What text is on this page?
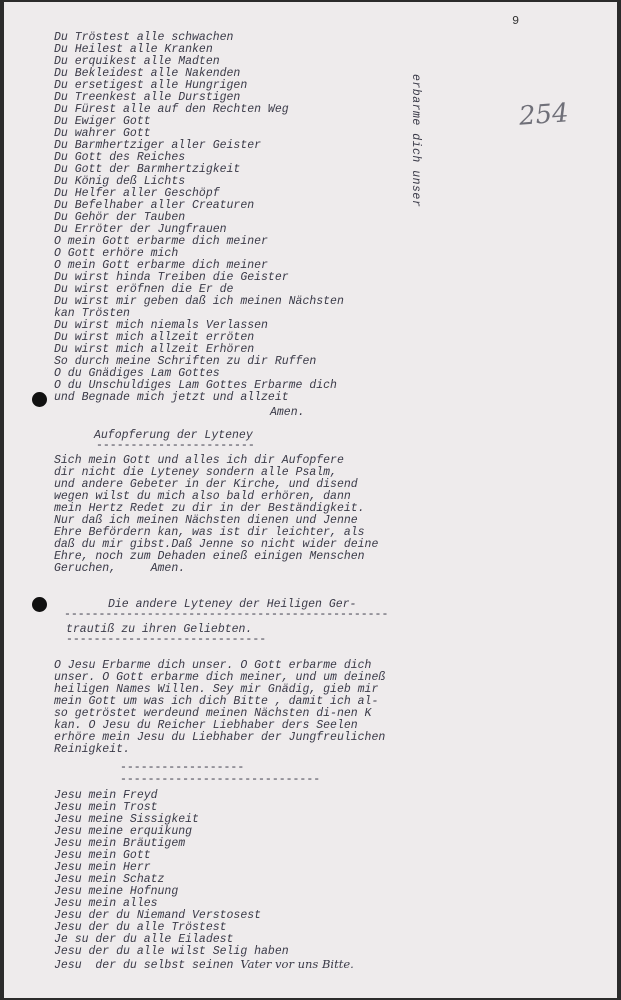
9
254
erbarme dich unser
Du Tröstest alle schwachen
Du Heilest alle Kranken
Du erquikest alle Madten
Du Bekleidest alle Nakenden
Du ersetigest alle Hungrigen
Du Treenkest alle Durstigen
Du Fürest alle auf den Rechten Weg
Du Ewiger Gott
Du wahrer Gott
Du Barmhertziger aller Geister
Du Gott des Reiches
Du Gott der Barmhertzigkeit
Du König deß Lichts
Du Helfer aller Geschöpf
Du Befelhaber aller Creaturen
Du Gehör der Tauben
Du Erröter der Jungfrauen
O mein Gott erbarme dich meiner
O Gott erhöre mich
O mein Gott erbarme dich meiner
Du wirst hinda Treiben die Geister
Du wirst eröfnen die Er de
Du wirst mir geben daß ich meinen Nächsten
kan Trösten
Du wirst mich niemals Verlassen
Du wirst mich allzeit erröten
Du wirst mich allzeit Erhören
So durch meine Schriften zu dir Ruffen
O du Gnädiges Lam Gottes
O du Unschuldiges Lam Gottes Erbarme dich
und Begnade mich jetzt und allzeit
Amen.
Aufopferung der Lyteney
-----------------------
Sich mein Gott und alles ich dir Aufopfere
dir nicht die Lyteney sondern alle Psalm,
und andere Gebeter in der Kirche, und disend
wegen wilst du mich also bald erhören, dann
mein Hertz Redet zu dir in der Beständigkeit.
Nur daß ich meinen Nächsten dienen und Jenne
Ehre Befördern kan, was ist dir leichter, als
daß du mir gibst.Daß Jenne so nicht wider deine
Ehre, noch zum Dehaden eineß einigen Menschen
Geruchen,     Amen.
Die andere Lyteney der Heiligen Ger-
-----------------------------------------------
trautiß zu ihren Geliebten.
-----------------------------
O Jesu Erbarme dich unser. O Gott erbarme dich
unser. O Gott erbarme dich meiner, und um deineß
heiligen Names Willen. Sey mir Gnädig, gieb mir
mein Gott um was ich dich Bitte , damit ich al-
so getröstet werdeund meinen Nächsten di-nen K
kan. O Jesu du Reicher Liebhaber ders Seelen
erhöre mein Jesu du Liebhaber der Jungfreulichen
Reinigkeit.
------------------
-----------------------------
Jesu mein Freyd
Jesu mein Trost
Jesu meine Sissigkeit
Jesu meine erquikung
Jesu mein Bräutigem
Jesu mein Gott
Jesu mein Herr
Jesu mein Schatz
Jesu meine Hofnung
Jesu mein alles
Jesu der du Niemand Verstosest
Jesu der du alle Tröstest
Je su der du alle Eiladest
Jesu der du alle wilst Selig haben
Jesu  der du selbst seinen Vater vor uns Bitte.
